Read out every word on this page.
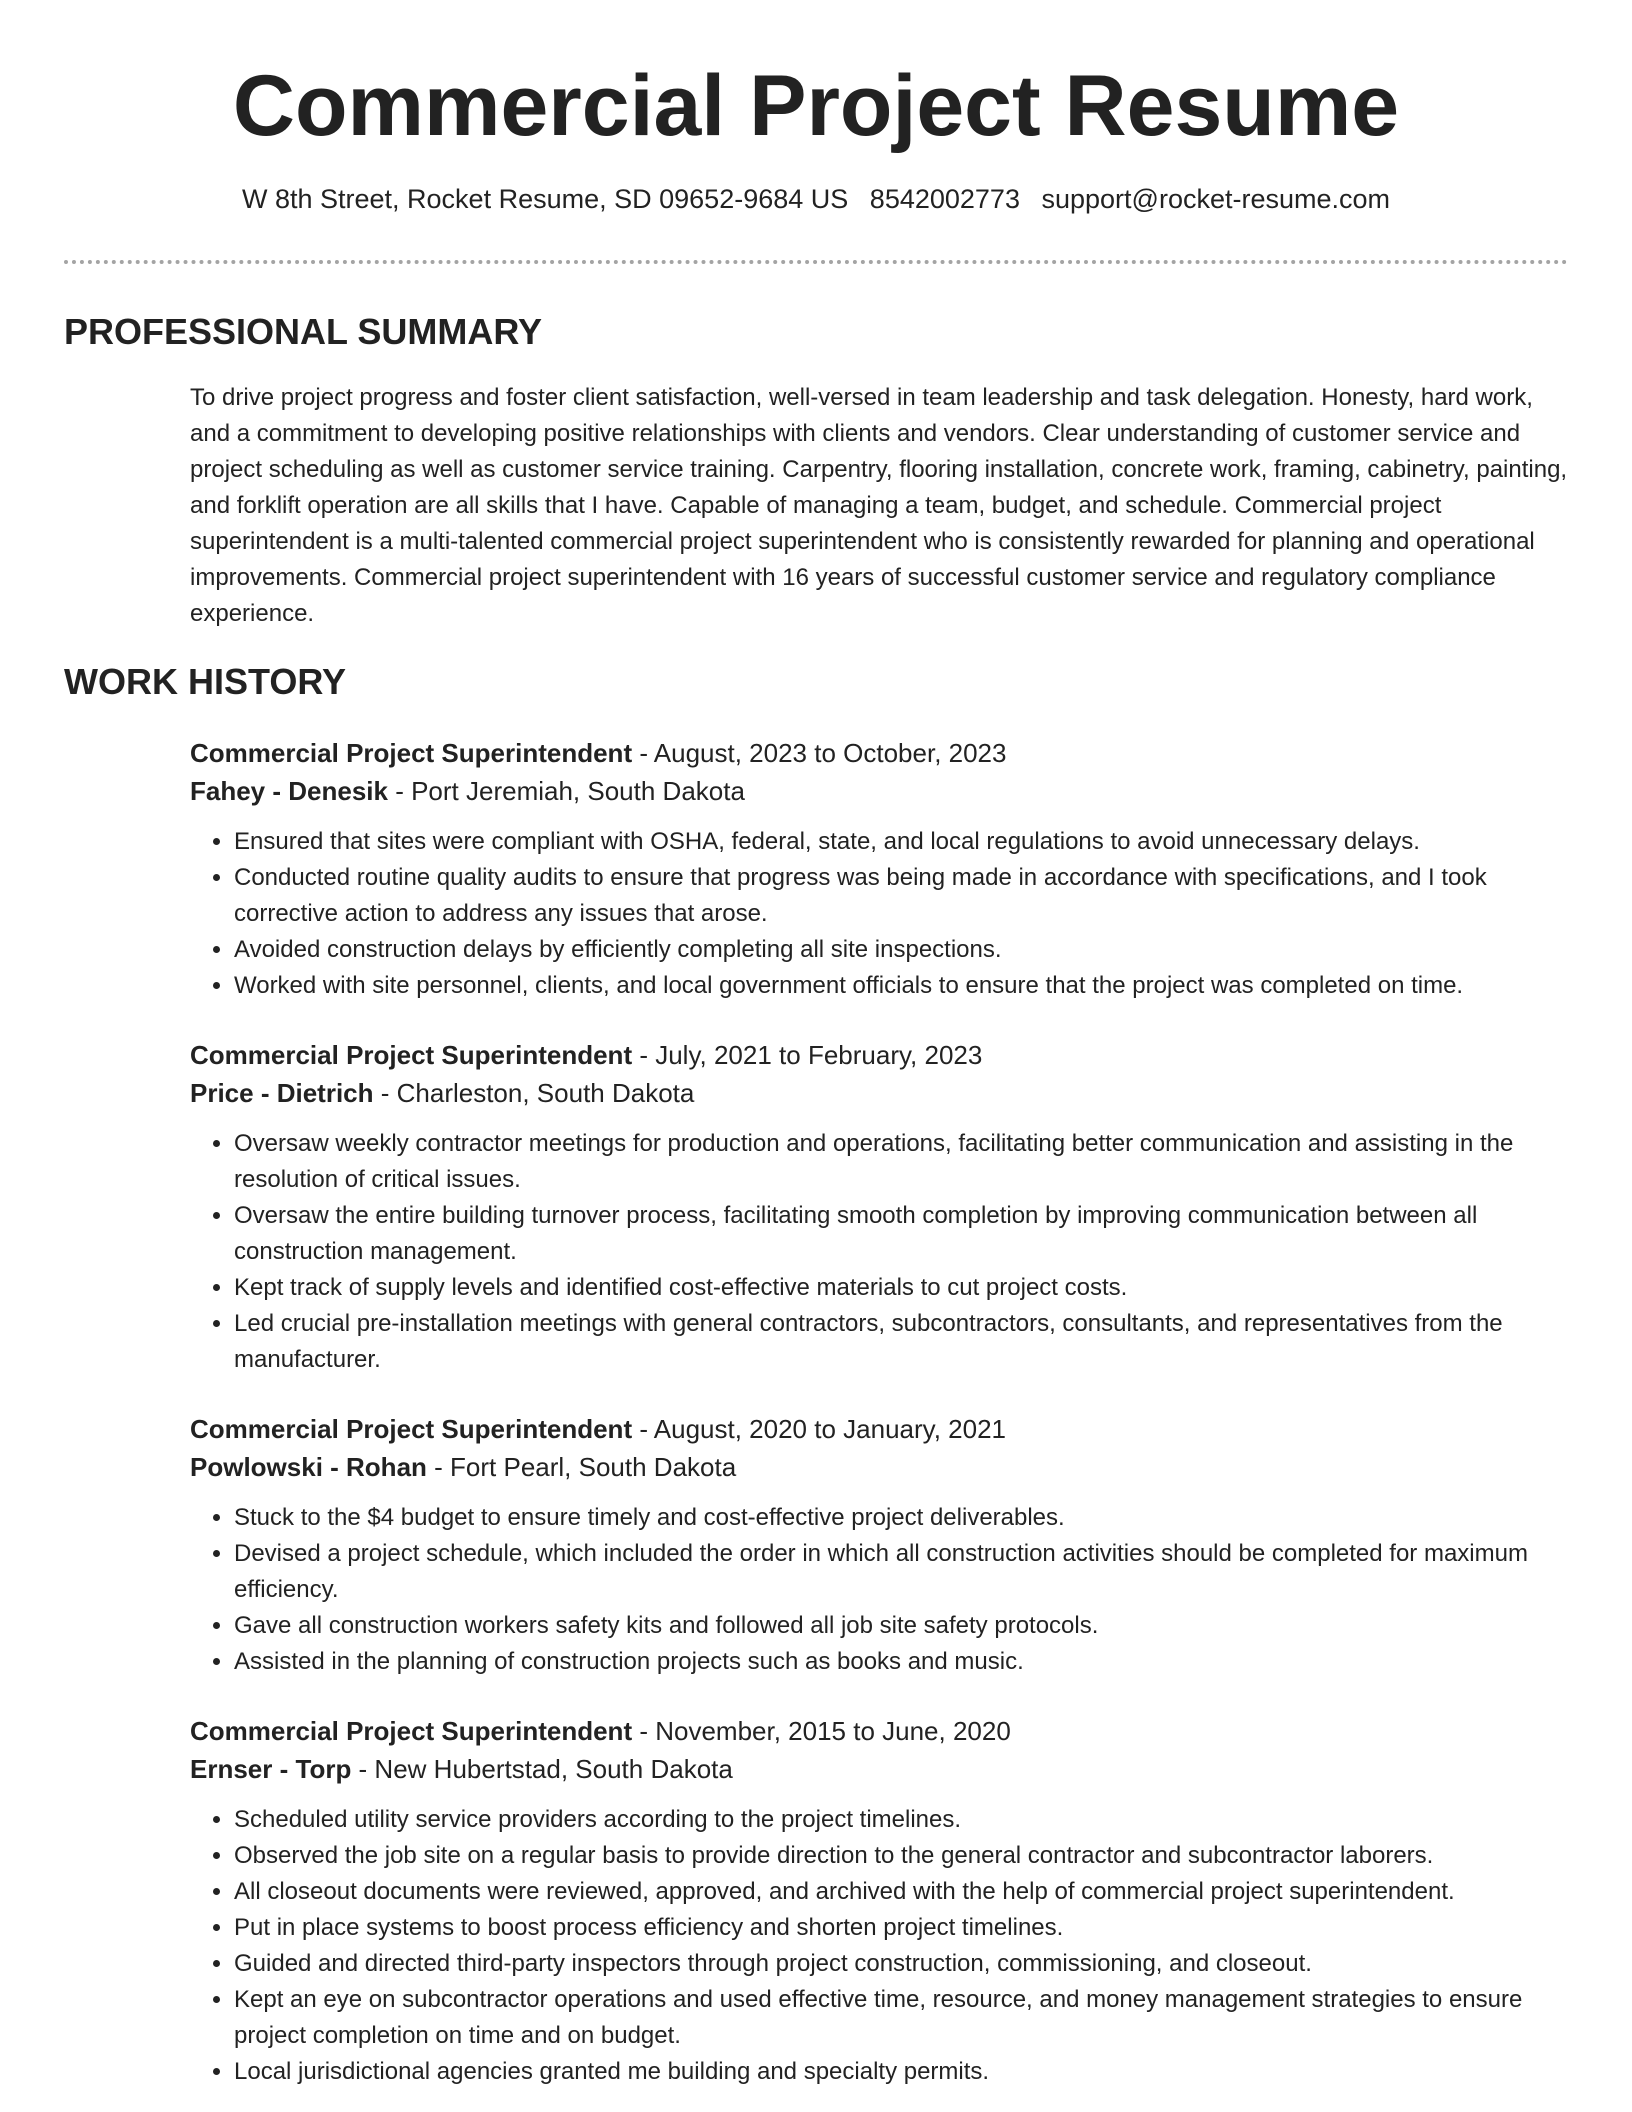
Commercial Project Resume
W 8th Street, Rocket Resume, SD 09652-9684 US 8542002773 support@rocket-resume.com
PROFESSIONAL SUMMARY

To drive project progress and foster client satisfaction, well-versed in team leadership and task delegation. Honesty, hard work, and a commitment to developing positive relationships with clients and vendors. Clear understanding of customer service and project scheduling as well as customer service training. Carpentry, flooring installation, concrete work, framing, cabinetry, painting, and forklift operation are all skills that I have. Capable of managing a team, budget, and schedule. Commercial project superintendent is a multi-talented commercial project superintendent who is consistently rewarded for planning and operational improvements. Commercial project superintendent with 16 years of successful customer service and regulatory compliance experience.

WORK HISTORY
Commercial Project Superintendent - August, 2023 to October, 2023
Fahey - Denesik - Port Jeremiah, South Dakota
• Ensured that sites were compliant with OSHA, federal, state, and local regulations to avoid unnecessary delays.
• Conducted routine quality audits to ensure that progress was being made in accordance with specifications, and I took corrective action to address any issues that arose.
• Avoided construction delays by efficiently completing all site inspections.
• Worked with site personnel, clients, and local government officials to ensure that the project was completed on time.
Commercial Project Superintendent - July, 2021 to February, 2023
Price - Dietrich - Charleston, South Dakota
• Oversaw weekly contractor meetings for production and operations, facilitating better communication and assisting in the resolution of critical issues.
• Oversaw the entire building turnover process, facilitating smooth completion by improving communication between all construction management.
• Kept track of supply levels and identified cost-effective materials to cut project costs.
• Led crucial pre-installation meetings with general contractors, subcontractors, consultants, and representatives from the manufacturer.
Commercial Project Superintendent - August, 2020 to January, 2021
Powlowski - Rohan - Fort Pearl, South Dakota
• Stuck to the $4 budget to ensure timely and cost-effective project deliverables.
• Devised a project schedule, which included the order in which all construction activities should be completed for maximum efficiency.
• Gave all construction workers safety kits and followed all job site safety protocols.
• Assisted in the planning of construction projects such as books and music.
Commercial Project Superintendent - November, 2015 to June, 2020
Ernser - Torp - New Hubertstad, South Dakota
• Scheduled utility service providers according to the project timelines.
• Observed the job site on a regular basis to provide direction to the general contractor and subcontractor laborers.
• All closeout documents were reviewed, approved, and archived with the help of commercial project superintendent.
• Put in place systems to boost process efficiency and shorten project timelines.
• Guided and directed third-party inspectors through project construction, commissioning, and closeout.
• Kept an eye on subcontractor operations and used effective time, resource, and money management strategies to ensure project completion on time and on budget.
• Local jurisdictional agencies granted me building and specialty permits.
